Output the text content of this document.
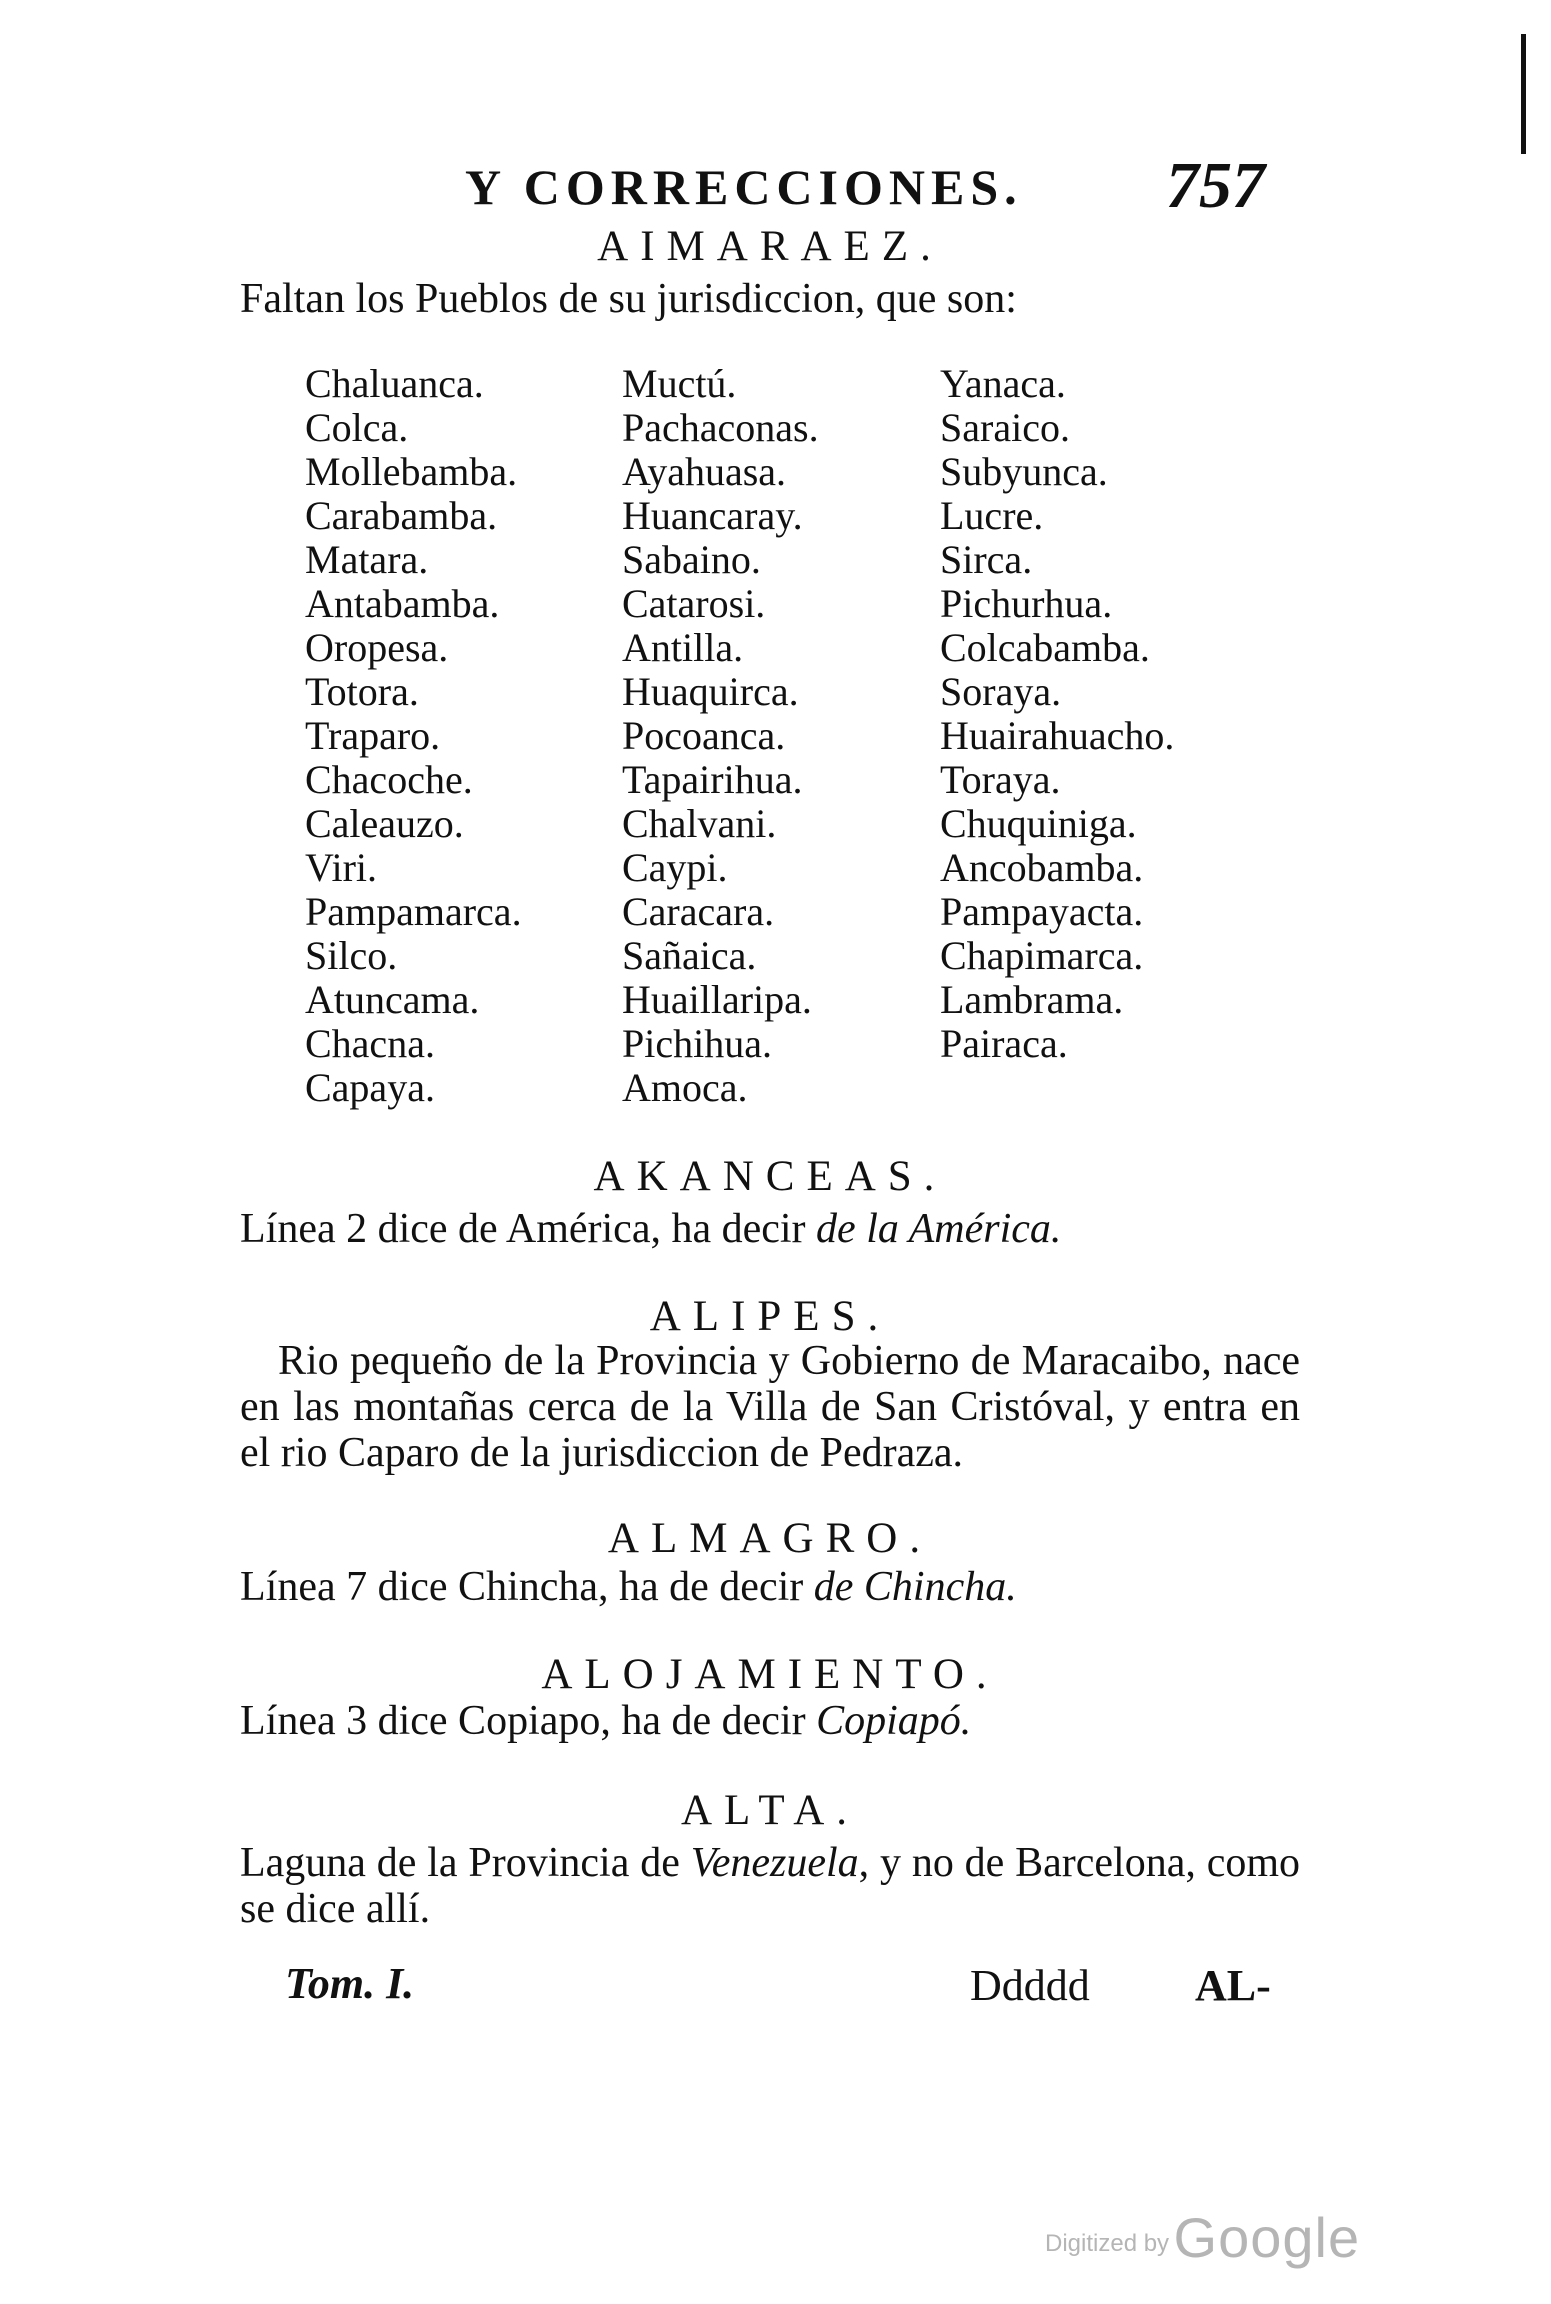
Y CORRECCIONES. 757
AIMARAEZ.
Faltan los Pueblos de su jurisdiccion, que son:
Chaluanca.
Colca.
Mollebamba.
Carabamba.
Matara.
Antabamba.
Oropesa.
Totora.
Traparo.
Chacoche.
Caleauzo.
Viri.
Pampamarca.
Silco.
Atuncama.
Chacna.
Capaya.
Muctú.
Pachaconas.
Ayahuasa.
Huancaray.
Sabaino.
Catarosi.
Antilla.
Huaquirca.
Pocoanca.
Tapairihua.
Chalvani.
Caypi.
Caracara.
Sañaica.
Huaillaripa.
Pichihua.
Amoca.
Yanaca.
Saraico.
Subyunca.
Lucre.
Sirca.
Pichurhua.
Colcabamba.
Soraya.
Huairahuacho.
Toraya.
Chuquiniga.
Ancobamba.
Pampayacta.
Chapimarca.
Lambrama.
Pairaca.
AKANCEAS.
Línea 2 dice de América, ha decir de la América.
ALIPES.
Rio pequeño de la Provincia y Gobierno de Maracaibo, nace en las montañas cerca de la Villa de San Cristóval, y entra en el rio Caparo de la jurisdiccion de Pedraza.
ALMAGRO.
Línea 7 dice Chincha, ha de decir de Chincha.
ALOJAMIENTO.
Línea 3 dice Copiapo, ha de decir Copiapó.
ALTA.
Laguna de la Provincia de Venezuela, y no de Barcelona, como se dice allí.
Tom. I.	Ddddd AL-
Digitized by Google
